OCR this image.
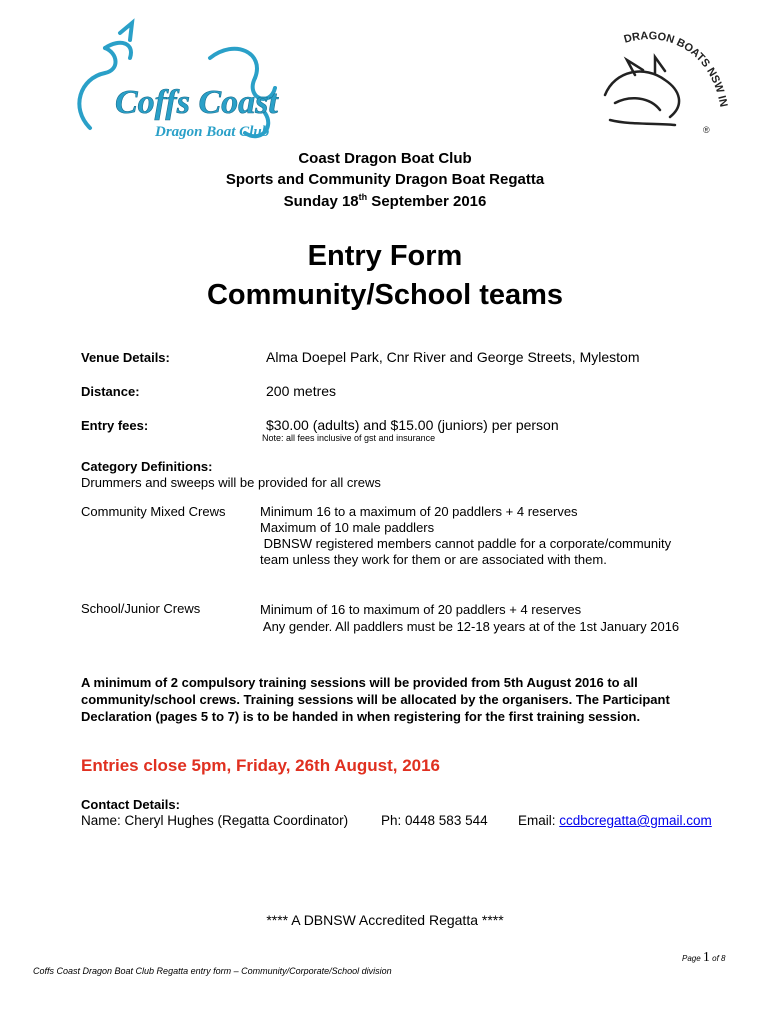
Coffs Coast
Dragon Boat Club
DRAGON BOATS NSW IN
®
Coast Dragon Boat Club
Sports and Community Dragon Boat Regatta
Sunday 18th September 2016
Entry Form
Community/School teams
Venue Details:	Alma Doepel Park, Cnr River and George Streets, Mylestom
Distance:	200 metres
Entry fees:	$30.00 (adults) and $15.00 (juniors) per person
Note: all fees inclusive of gst and insurance
Category Definitions:
Drummers and sweeps will be provided for all crews
Community Mixed Crews	Minimum 16 to a maximum of 20 paddlers + 4 reserves
Maximum of 10 male paddlers
DBNSW registered members cannot paddle for a corporate/community
team unless they work for them or are associated with them.
School/Junior Crews	Minimum of 16 to maximum of 20 paddlers + 4 reserves
Any gender. All paddlers must be 12-18 years at of the 1st January 2016
A minimum of 2 compulsory training sessions will be provided from 5th August 2016 to all
community/school crews. Training sessions will be allocated by the organisers. The Participant
Declaration (pages 5 to 7) is to be handed in when registering for the first training session.
Entries close 5pm, Friday, 26th August, 2016
Contact Details:
Name: Cheryl Hughes (Regatta Coordinator) Ph: 0448 583 544 Email: ccdbcregatta@gmail.com
**** A DBNSW Accredited Regatta ****
Page 1 of 8
Coffs Coast Dragon Boat Club Regatta entry form – Community/Corporate/School division
